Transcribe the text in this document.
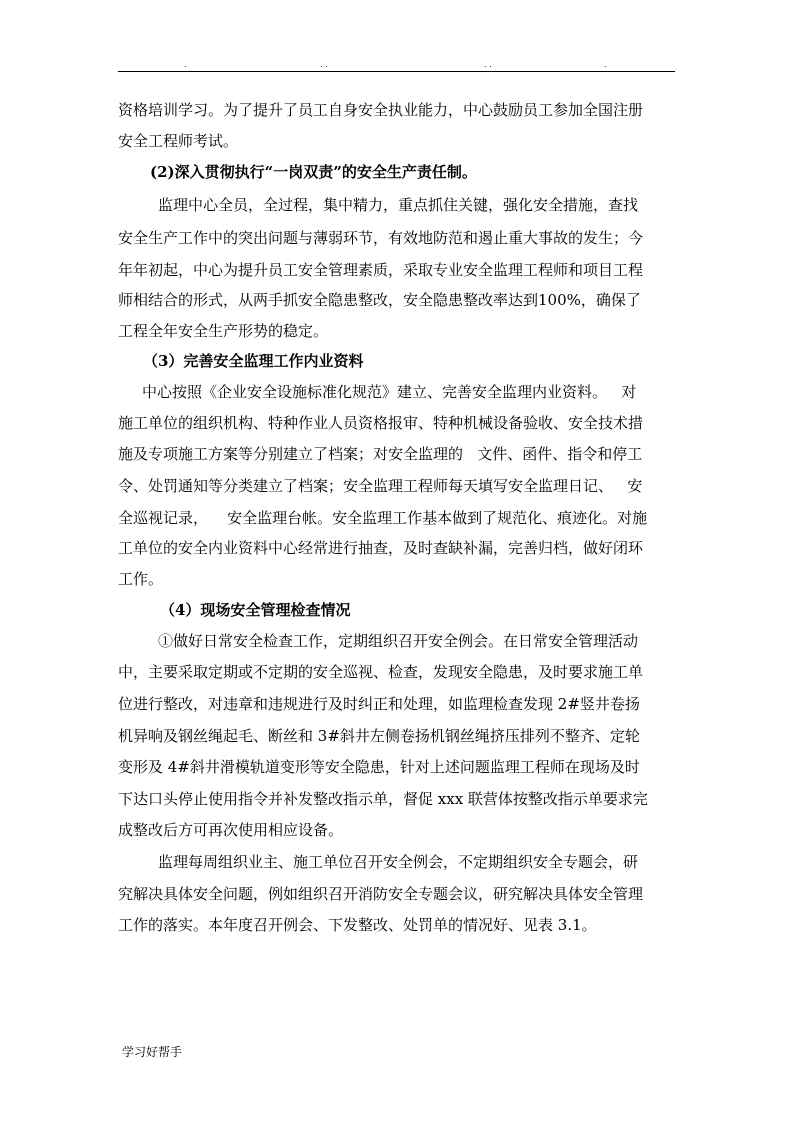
.	. .	. .	.
资格培训学习。为了提升了员工自身安全执业能力，中心鼓励员工参加全国注册
安全工程师考试。
(2)深入贯彻执行“一岗双责”的安全生产责任制。
监理中心全员，全过程，集中精力，重点抓住关键，强化安全措施，查找
安全生产工作中的突出问题与薄弱环节，有效地防范和遏止重大事故的发生；今
年年初起，中心为提升员工安全管理素质，采取专业安全监理工程师和项目工程
师相结合的形式，从两手抓安全隐患整改，安全隐患整改率达到100%，确保了
工程全年安全生产形势的稳定。
（3）完善安全监理工作内业资料
中心按照《企业安全设施标准化规范》建立、完善安全监理内业资料。   对
施工单位的组织机构、特种作业人员资格报审、特种机械设备验收、安全技术措
施及专项施工方案等分别建立了档案；对安全监理的   文件、函件、指令和停工
令、处罚通知等分类建立了档案；安全监理工程师每天填写安全监理日记、   安
全巡视记录，    安全监理台帐。安全监理工作基本做到了规范化、痕迹化。对施
工单位的安全内业资料中心经常进行抽查，及时查缺补漏，完善归档，做好闭环
工作。
（4）现场安全管理检查情况
①做好日常安全检查工作，定期组织召开安全例会。在日常安全管理活动
中，主要采取定期或不定期的安全巡视、检查，发现安全隐患，及时要求施工单
位进行整改，对违章和违规进行及时纠正和处理，如监理检查发现 2#竖井卷扬
机异响及钢丝绳起毛、断丝和 3#斜井左侧卷扬机钢丝绳挤压排列不整齐、定轮
变形及 4#斜井滑模轨道变形等安全隐患，针对上述问题监理工程师在现场及时
下达口头停止使用指令并补发整改指示单，督促 xxx 联营体按整改指示单要求完
成整改后方可再次使用相应设备。
监理每周组织业主、施工单位召开安全例会，不定期组织安全专题会，研
究解决具体安全问题，例如组织召开消防安全专题会议，研究解决具体安全管理
工作的落实。本年度召开例会、下发整改、处罚单的情况好、见表 3.1。
学习好帮手
